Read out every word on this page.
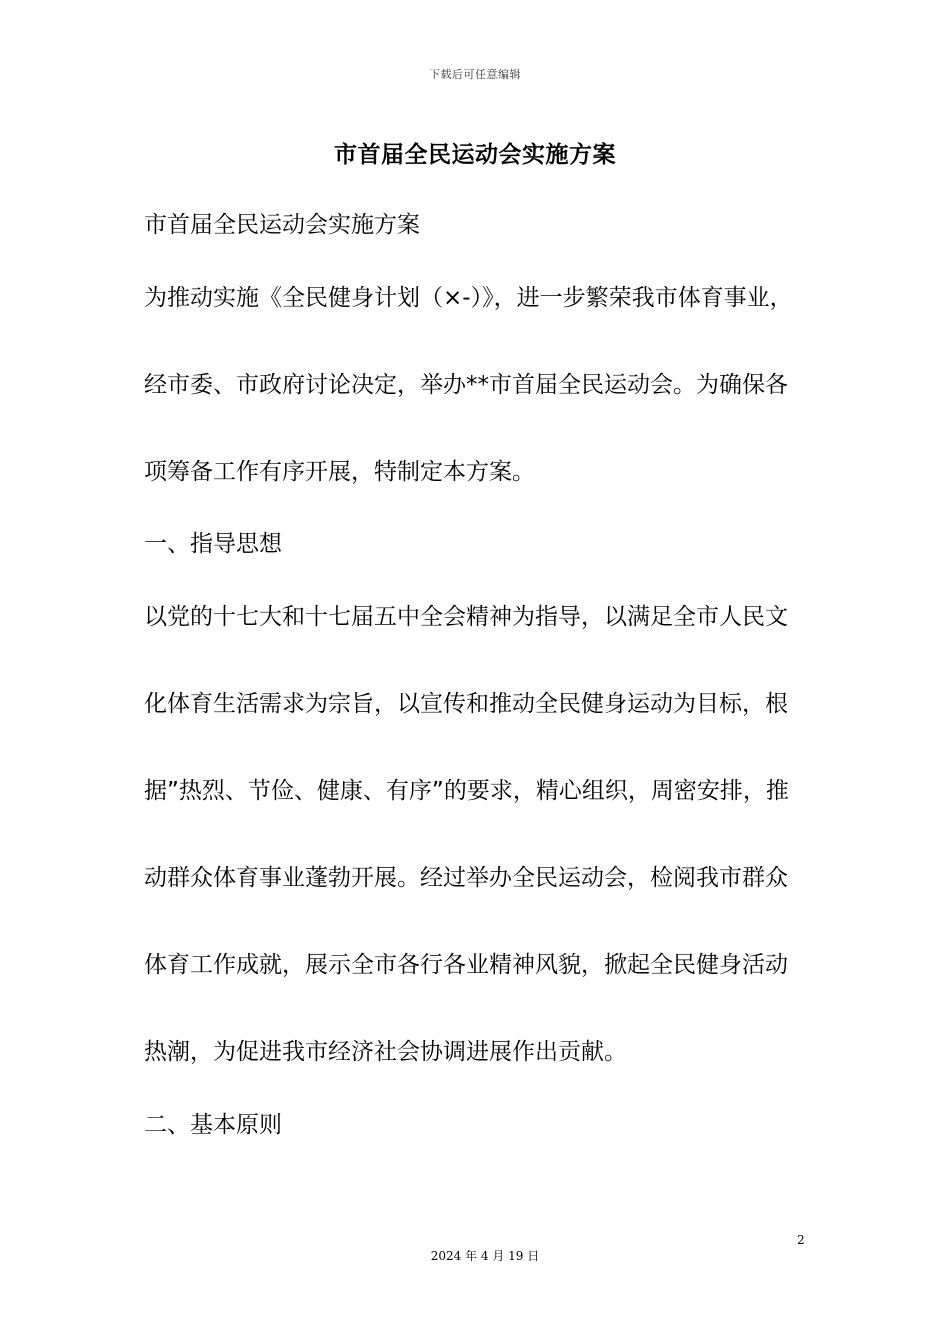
下载后可任意编辑
市首届全民运动会实施方案
市首届全民运动会实施方案
为推动实施《全民健身计划（×-）》，进一步繁荣我市体育事业，
经市委、市政府讨论决定，举办**市首届全民运动会。为确保各
项筹备工作有序开展，特制定本方案。
一、指导思想
以党的十七大和十七届五中全会精神为指导，以满足全市人民文
化体育生活需求为宗旨，以宣传和推动全民健身运动为目标，根
据”热烈、节俭、健康、有序”的要求，精心组织，周密安排，推
动群众体育事业蓬勃开展。经过举办全民运动会，检阅我市群众
体育工作成就，展示全市各行各业精神风貌，掀起全民健身活动
热潮，为促进我市经济社会协调进展作出贡献。
二、基本原则
2
2024 年 4 月 19 日
